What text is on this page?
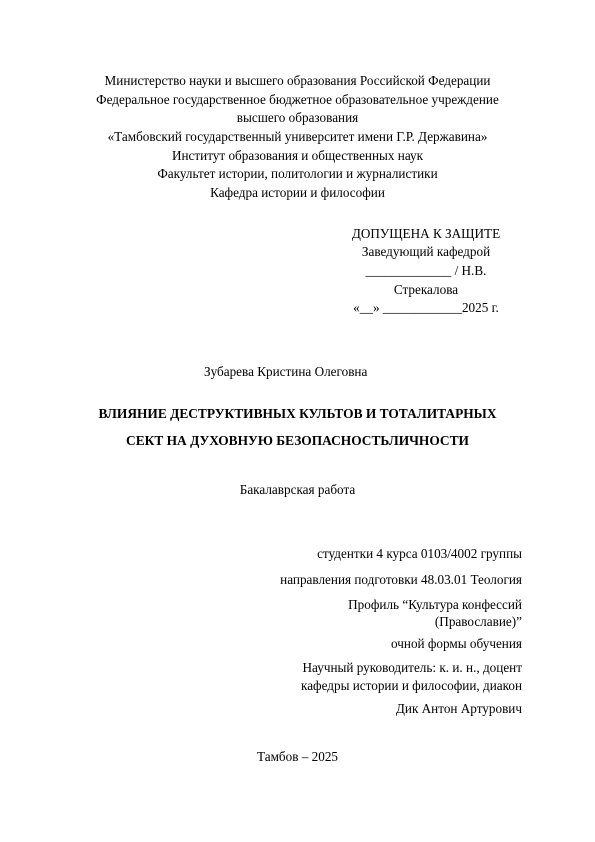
Министерство науки и высшего образования Российской Федерации
Федеральное государственное бюджетное образовательное учреждение
высшего образования
«Тамбовский государственный университет имени Г.Р. Державина»
Институт образования и общественных наук
Факультет истории, политологии и журналистики
Кафедра истории и философии
ДОПУЩЕНА К ЗАЩИТЕ
Заведующий кафедрой
_____________ / Н.В.
Стрекалова
«__» ____________2025 г.
Зубарева Кристина Олеговна
ВЛИЯНИЕ ДЕСТРУКТИВНЫХ КУЛЬТОВ И ТОТАЛИТАРНЫХ
СЕКТ НА ДУХОВНУЮ БЕЗОПАСНОСТЬЛИЧНОСТИ
Бакалаврская работа
студентки 4 курса 0103/4002 группы
направления подготовки 48.03.01 Теология
Профиль “Культура конфессий
(Православие)”
очной формы обучения
Научный руководитель: к. и. н., доцент
кафедры истории и философии, диакон
Дик Антон Артурович
Тамбов – 2025
